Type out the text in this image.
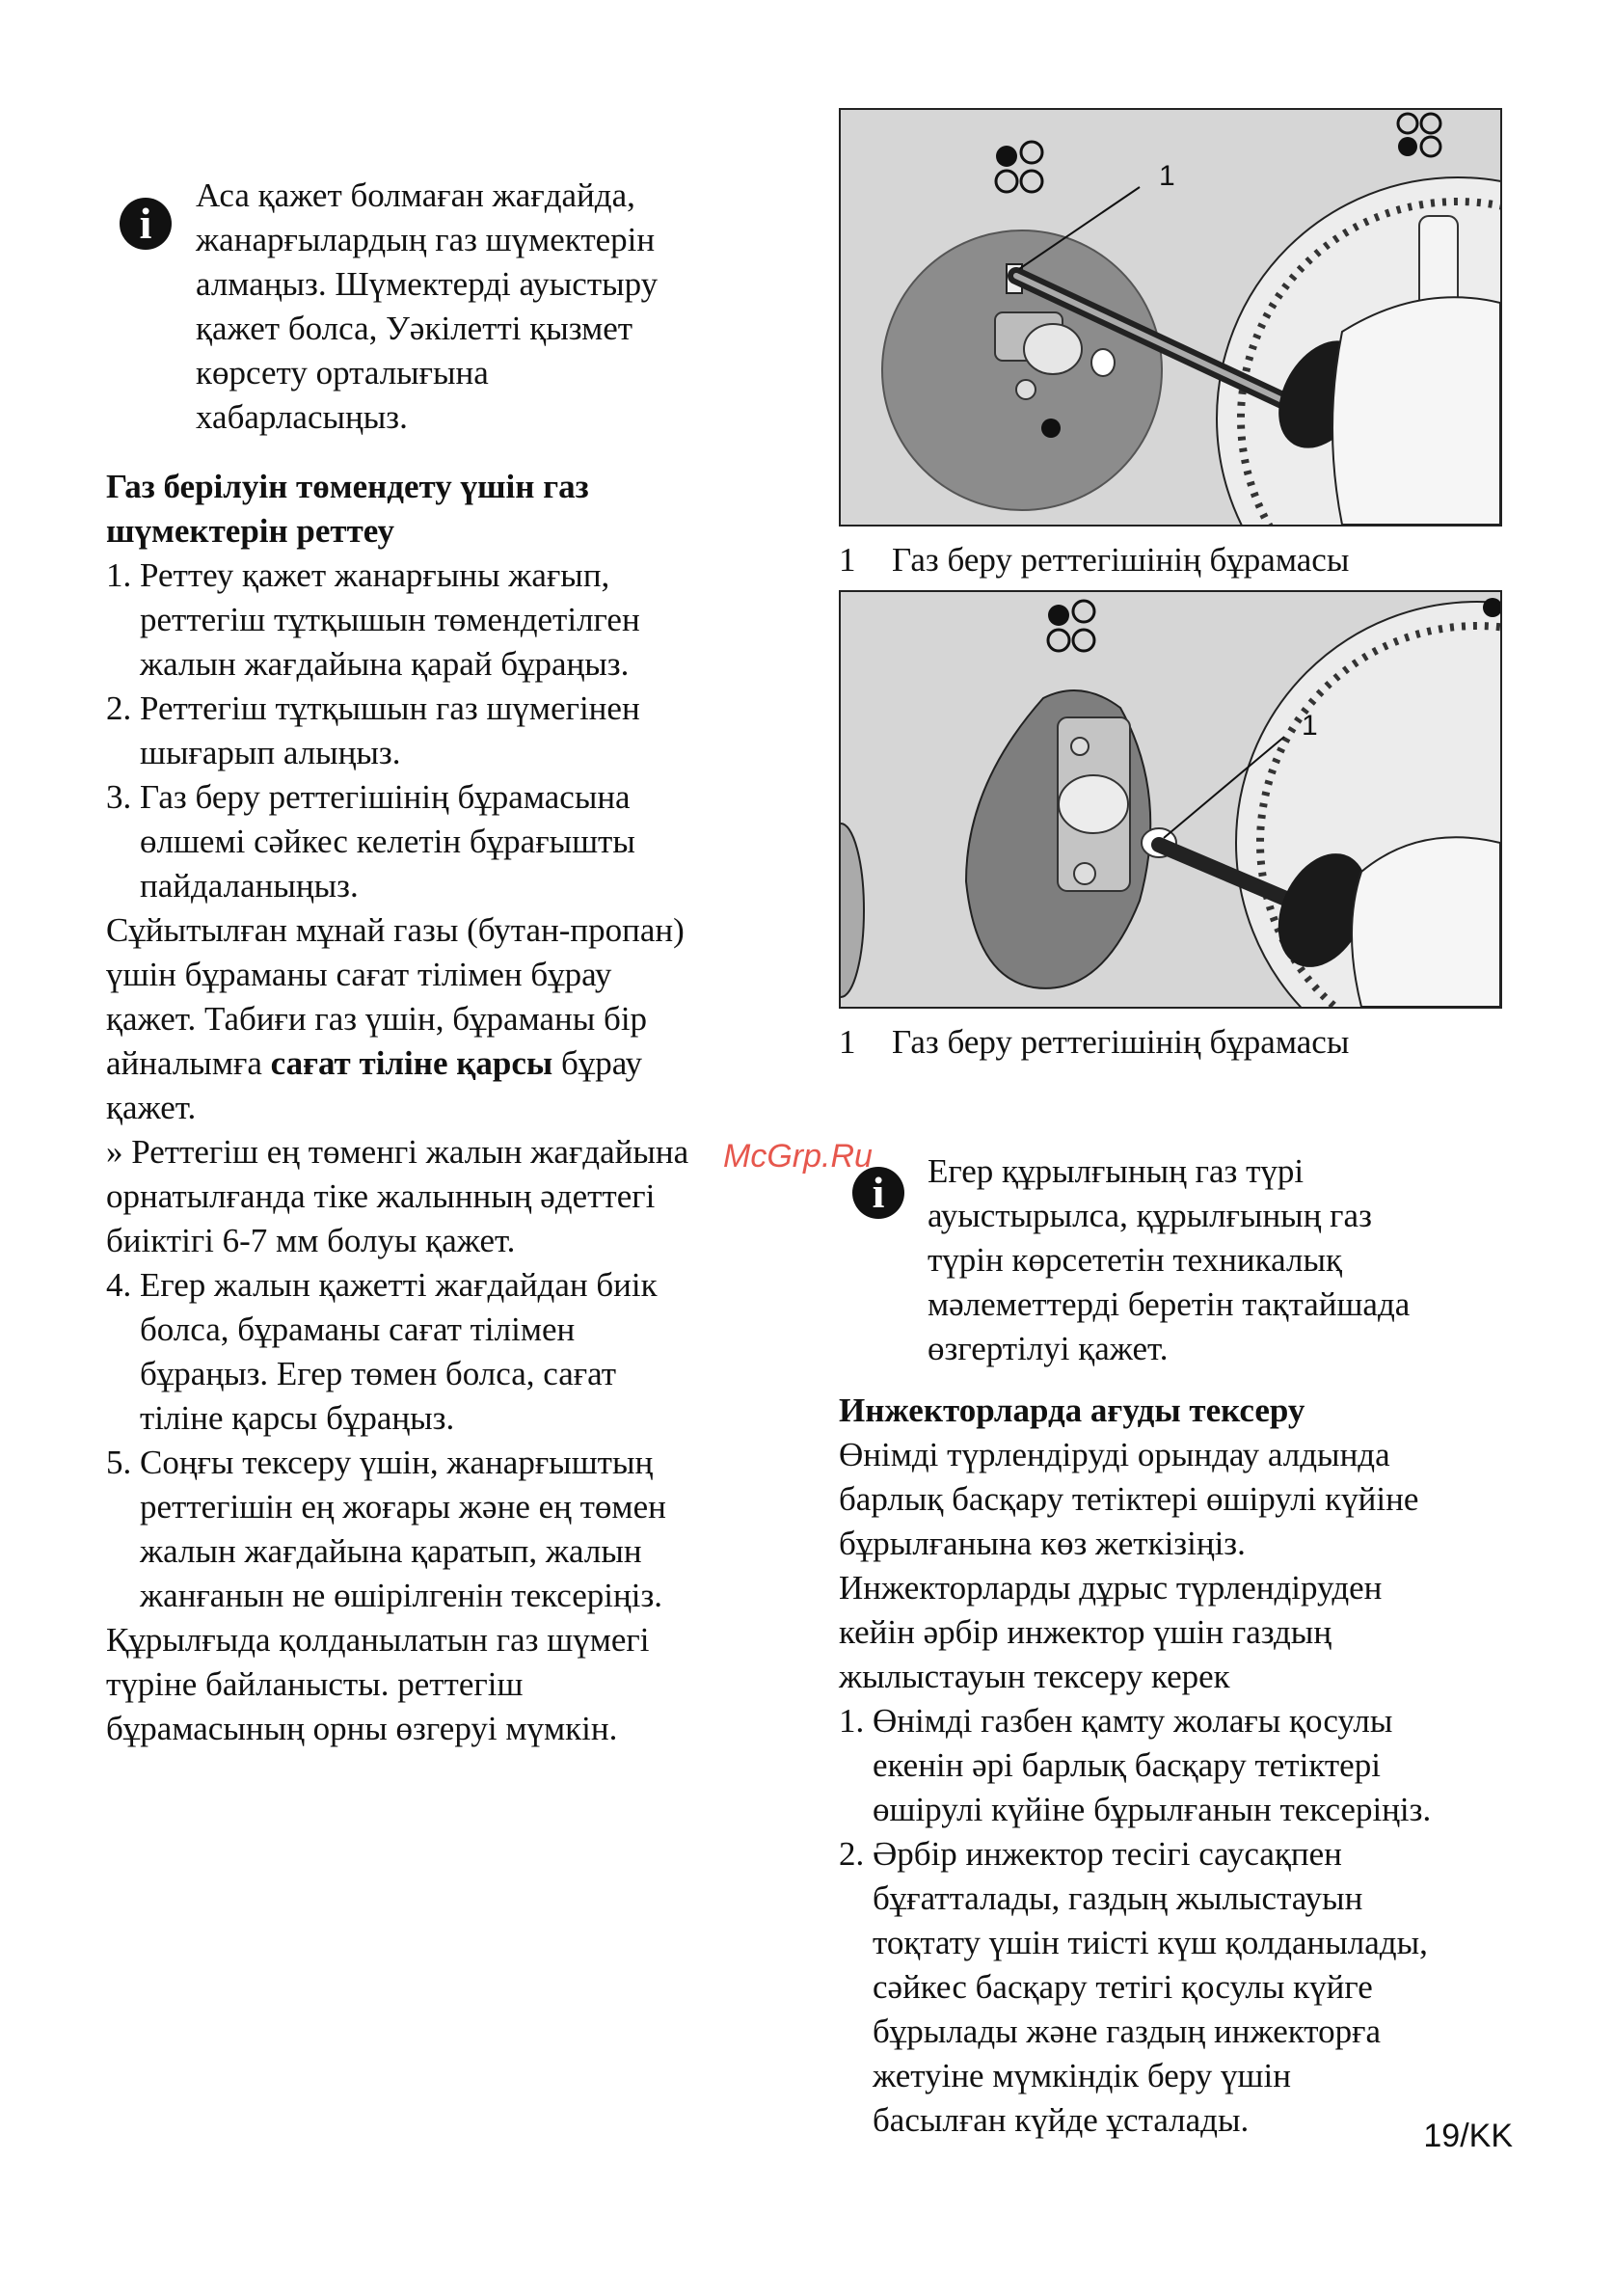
i
Аса қажет болмаған жағдайда,
жанарғылардың газ шүмектерін
алмаңыз. Шүмектерді ауыстыру
қажет болса, Уәкілетті қызмет
көрсету орталығына
хабарласыңыз.
Газ берілуін төмендету үшін газ
шүмектерін реттеу
1. Реттеу қажет жанарғыны жағып,
реттегіш тұтқышын төмендетілген
жалын жағдайына қарай бұраңыз.
2. Реттегіш тұтқышын газ шүмегінен
шығарып алыңыз.
3. Газ беру реттегішінің бұрамасына
өлшемі сәйкес келетін бұрағышты
пайдаланыңыз.
Сұйытылған мұнай газы (бутан-пропан)
үшін бұраманы сағат тілімен бұрау
қажет. Табиғи газ үшін, бұраманы бір
айналымға сағат тіліне қарсы бұрау
қажет.
» Реттегіш ең төменгі жалын жағдайына
орнатылғанда тіке жалынның әдеттегі
биіктігі 6-7 мм болуы қажет.
4. Егер жалын қажетті жағдайдан биік
болса, бұраманы сағат тілімен
бұраңыз. Егер төмен болса, сағат
тіліне қарсы бұраңыз.
5. Соңғы тексеру үшін, жанарғыштың
реттегішін ең жоғары және ең төмен
жалын жағдайына қаратып, жалын
жанғанын не өшірілгенін тексеріңіз.
Құрылғыда қолданылатын газ шүмегі
түріне байланысты. реттегіш
бұрамасының орны өзгеруі мүмкін.
1
1 Газ беру реттегішінің бұрамасы
1
1 Газ беру реттегішінің бұрамасы
i	Егер құрылғының газ түрі
ауыстырылса, құрылғының газ
түрін көрсететін техникалық
мәлеметтерді беретін тақтайшада
өзгертілуі қажет.
Инжекторларда ағуды тексеру
Өнімді түрлендіруді орындау алдында
барлық басқару тетіктері өшірулі күйіне
бұрылғанына көз жеткізіңіз.
Инжекторларды дұрыс түрлендіруден
кейін әрбір инжектор үшін газдың
жылыстауын тексеру керек
1. Өнімді газбен қамту жолағы қосулы
екенін әрі барлық басқару тетіктері
өшірулі күйіне бұрылғанын тексеріңіз.
2. Әрбір инжектор тесігі саусақпен
бұғатталады, газдың жылыстауын
тоқтату үшін тиісті күш қолданылады,
сәйкес басқару тетігі қосулы күйге
бұрылады және газдың инжекторға
жетуіне мүмкіндік беру үшін
басылған күйде ұсталады.
McGrp.Ru
19/KK
